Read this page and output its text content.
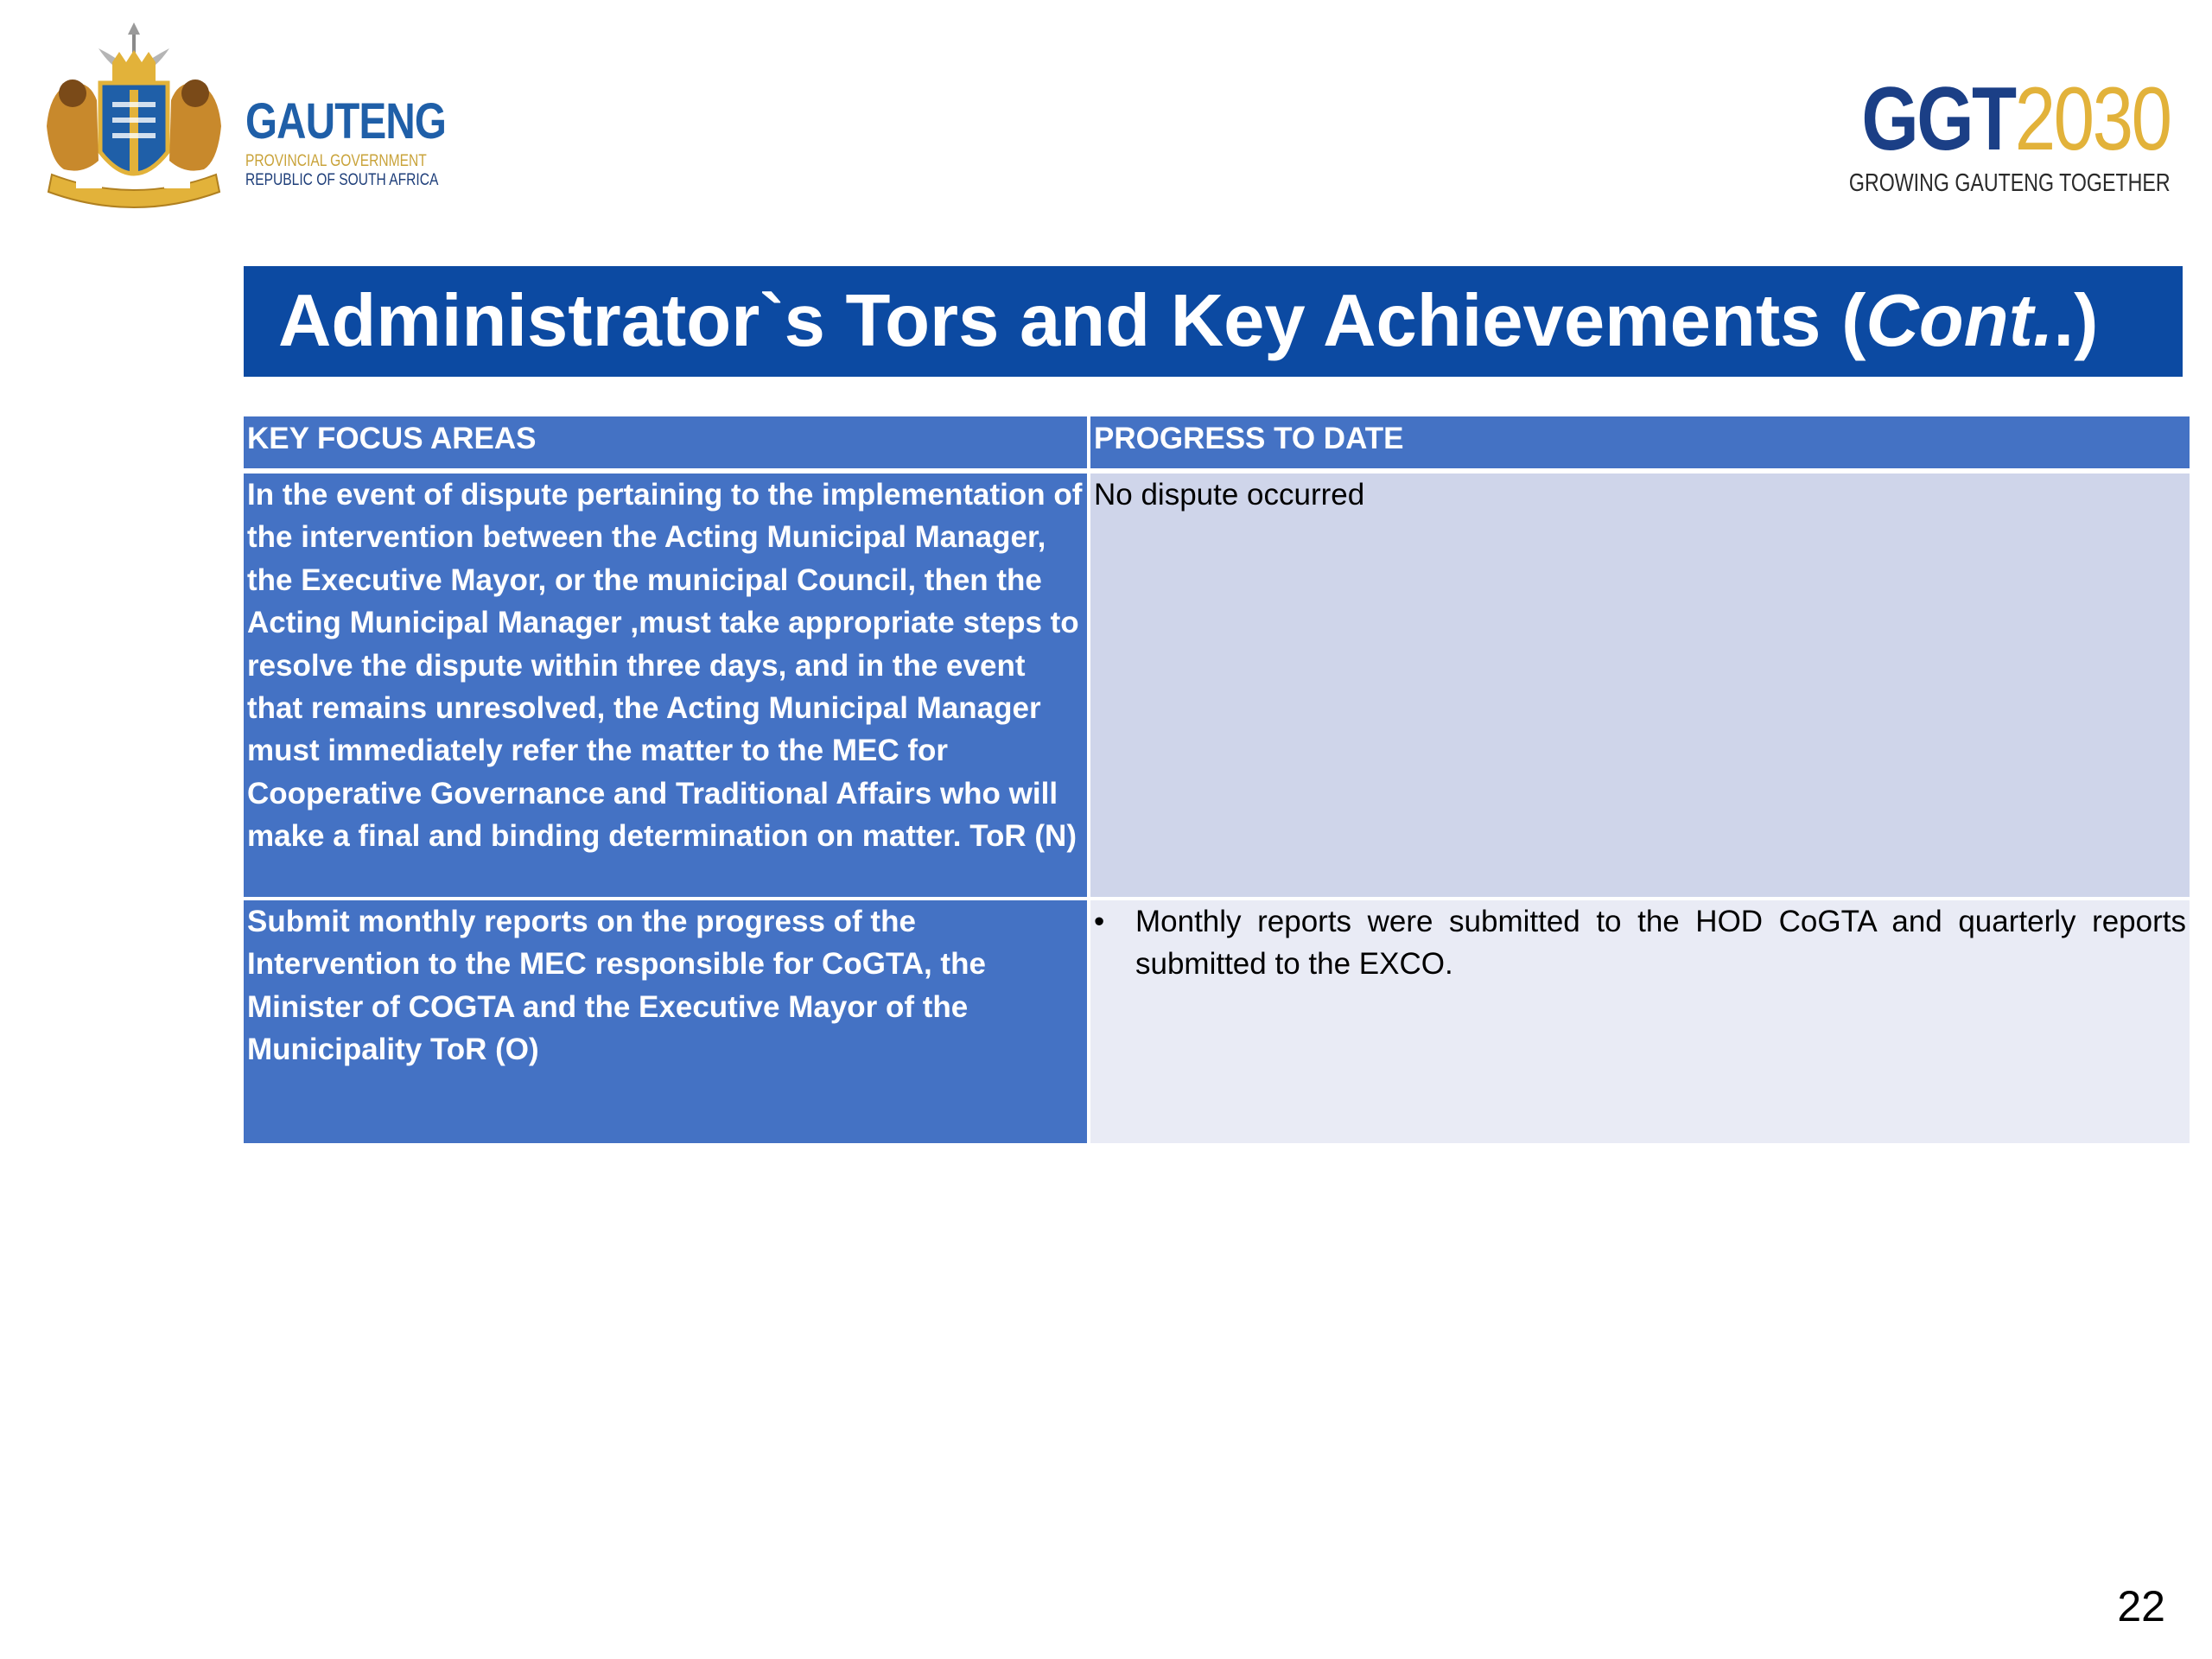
GAUTENG
PROVINCIAL GOVERNMENT
REPUBLIC OF SOUTH AFRICA
GGT2030
GROWING GAUTENG TOGETHER
Administrator`s Tors and Key Achievements (Cont..)
KEY FOCUS AREAS	PROGRESS TO DATE
In the event of dispute pertaining to the implementation of the intervention between the Acting Municipal Manager, the Executive Mayor, or the municipal Council, then the Acting Municipal Manager ,must take appropriate steps to resolve the dispute within three days, and in the event that remains unresolved, the Acting Municipal Manager must immediately refer the matter to the MEC for Cooperative Governance and Traditional Affairs who will make a final and binding determination on matter. ToR (N)
No dispute occurred
Submit monthly reports on the progress of the Intervention to the MEC responsible for CoGTA, the Minister of COGTA and the Executive Mayor of the Municipality ToR (O)
•	Monthly reports were submitted to the HOD CoGTA and quarterly reports submitted to the EXCO.
22
